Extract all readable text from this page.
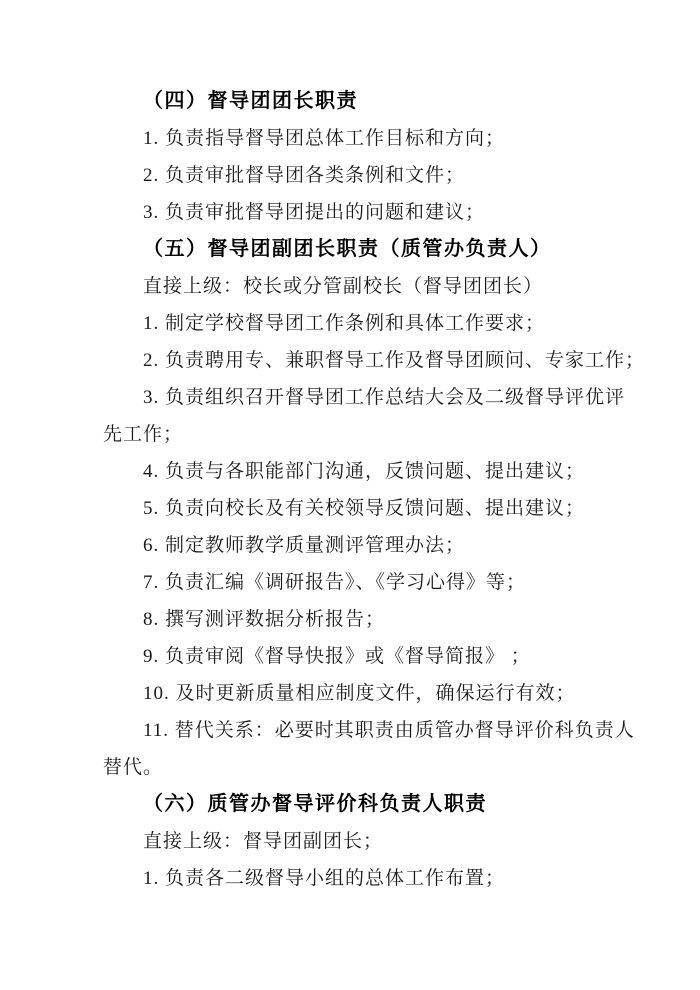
（四）督导团团长职责
1. 负责指导督导团总体工作目标和方向；
2. 负责审批督导团各类条例和文件；
3. 负责审批督导团提出的问题和建议；
（五）督导团副团长职责（质管办负责人）
直接上级：校长或分管副校长（督导团团长）
1. 制定学校督导团工作条例和具体工作要求；
2. 负责聘用专、兼职督导工作及督导团顾问、专家工作；
3. 负责组织召开督导团工作总结大会及二级督导评优评
先工作；
4. 负责与各职能部门沟通，反馈问题、提出建议；
5. 负责向校长及有关校领导反馈问题、提出建议；
6. 制定教师教学质量测评管理办法；
7. 负责汇编《调研报告》、《学习心得》等；
8. 撰写测评数据分析报告；
9. 负责审阅《督导快报》或《督导简报》 ；
10. 及时更新质量相应制度文件，确保运行有效；
11. 替代关系：必要时其职责由质管办督导评价科负责人
替代。
（六）质管办督导评价科负责人职责
直接上级：督导团副团长；
1. 负责各二级督导小组的总体工作布置；
